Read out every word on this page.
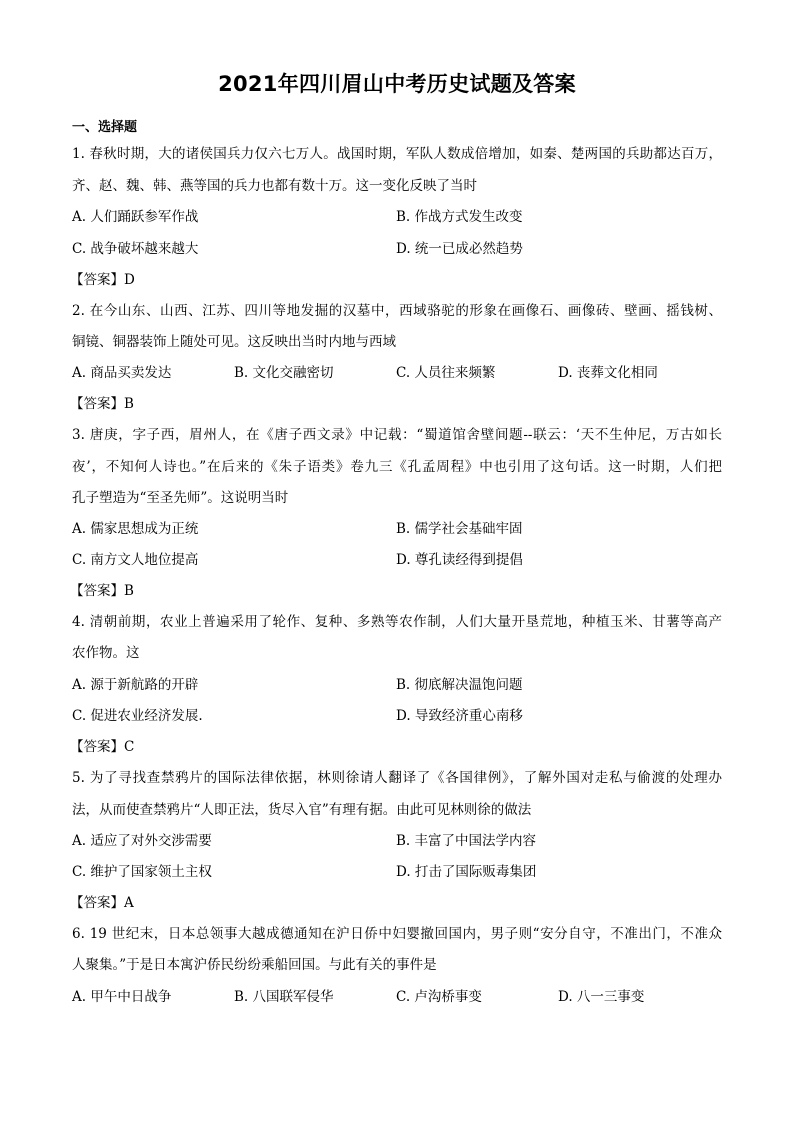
2021年四川眉山中考历史试题及答案
一、选择题
1. 春秋时期，大的诸侯国兵力仅六七万人。战国时期，军队人数成倍增加，如秦、楚两国的兵助都达百万，
齐、赵、魏、韩、燕等国的兵力也都有数十万。这一变化反映了当时
A. 人们踊跃参军作战	B. 作战方式发生改变
C. 战争破坏越来越大	D. 统一已成必然趋势
【答案】D
2. 在今山东、山西、江苏、四川等地发掘的汉墓中，西域骆驼的形象在画像石、画像砖、壁画、摇钱树、
铜镜、铜器装饰上随处可见。这反映出当时内地与西域
A. 商品买卖发达	B. 文化交融密切	C. 人员往来频繁	D. 丧葬文化相同
【答案】B
3. 唐庚，字子西，眉州人，在《唐子西文录》中记载：“蜀道馆舍壁间题--联云：‘天不生仲尼，万古如长
夜’，不知何人诗也。”在后来的《朱子语类》卷九三《孔孟周程》中也引用了这句话。这一时期，人们把
孔子塑造为“至圣先师”。这说明当时
A. 儒家思想成为正统	B. 儒学社会基础牢固
C. 南方文人地位提高	D. 尊孔读经得到提倡
【答案】B
4. 清朝前期，农业上普遍采用了轮作、复种、多熟等农作制，人们大量开垦荒地，种植玉米、甘薯等高产
农作物。这
A. 源于新航路的开辟	B. 彻底解决温饱问题
C. 促进农业经济发展.	D. 导致经济重心南移
【答案】C
5. 为了寻找查禁鸦片的国际法律依据，林则徐请人翻译了《各国律例》，了解外国对走私与偷渡的处理办
法，从而使查禁鸦片“人即正法，货尽入官”有理有据。由此可见林则徐的做法
A. 适应了对外交涉需要	B. 丰富了中国法学内容
C. 维护了国家领土主权	D. 打击了国际贩毒集团
【答案】A
6. 19 世纪末，日本总领事大越成德通知在沪日侨中妇婴撤回国内，男子则“安分自守，不准出门，不准众
人聚集。”于是日本寓沪侨民纷纷乘船回国。与此有关的事件是
A. 甲午中日战争	B. 八国联军侵华	C. 卢沟桥事变	D. 八一三事变
